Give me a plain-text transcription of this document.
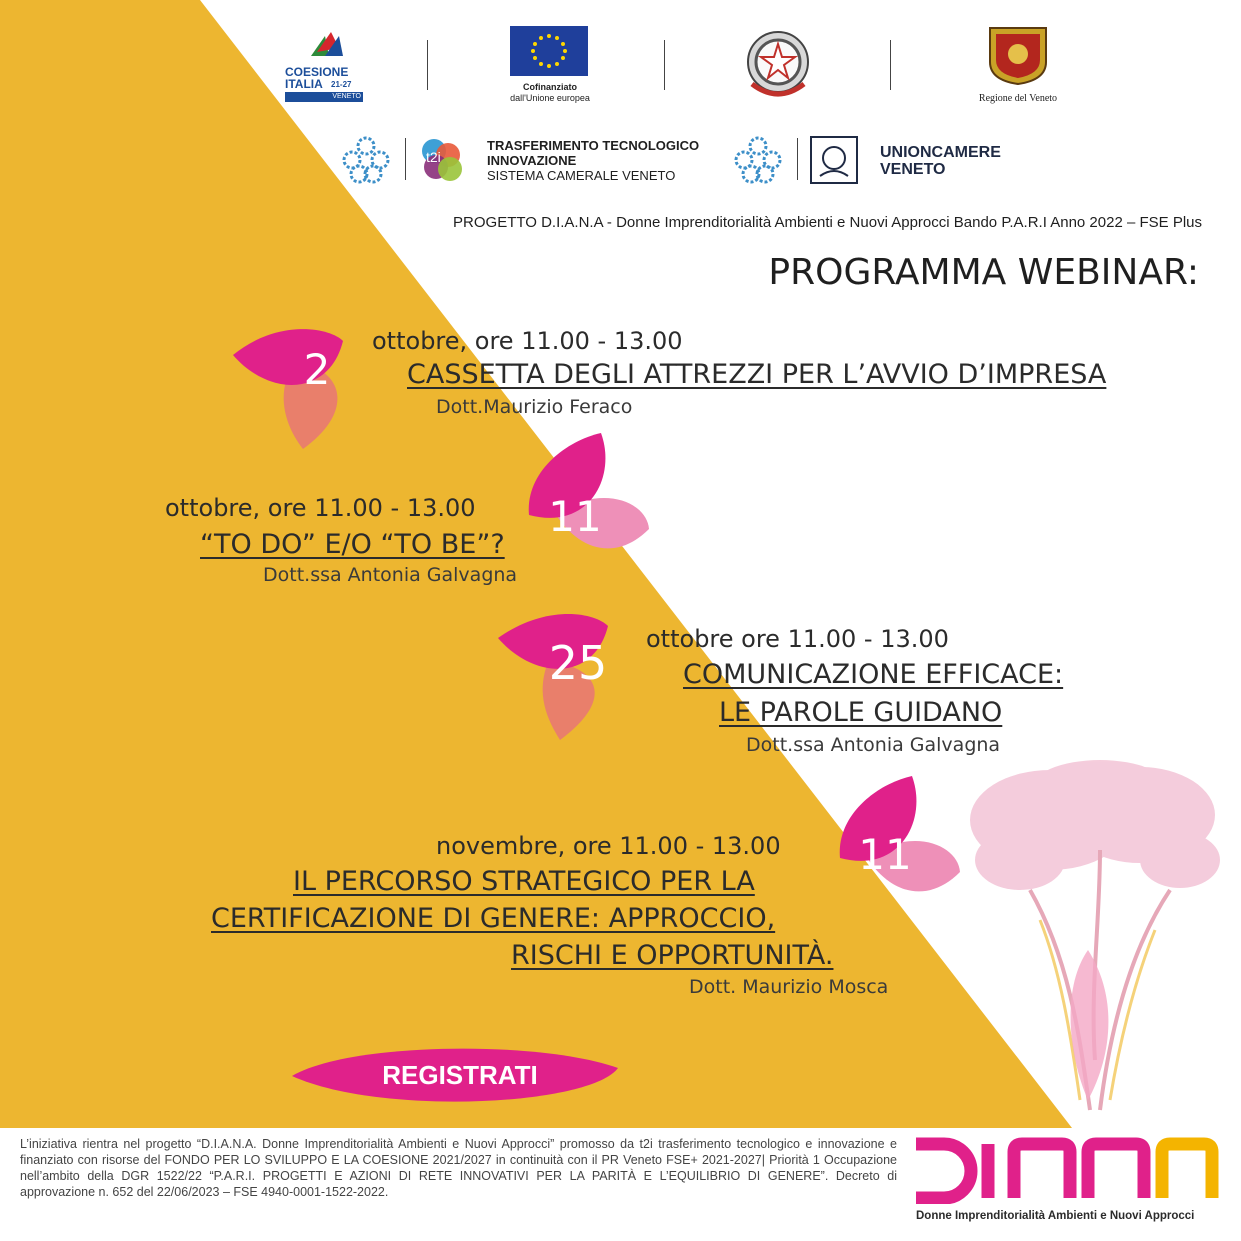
COESIONE
ITALIA 21-27
VENETO
Cofinanziato
dall'Unione europea	Regione del Veneto
t2i
TRASFERIMENTO TECNOLOGICO
INNOVAZIONE
SISTEMA CAMERALE VENETO
UNIONCAMERE
VENETO
PROGETTO D.I.A.N.A - Donne Imprenditorialità Ambienti e Nuovi Approcci Bando P.A.R.I Anno 2022 – FSE Plus
PROGRAMMA WEBINAR:
2
ottobre, ore 11.00 - 13.00
CASSETTA DEGLI ATTREZZI PER L’AVVIO D’IMPRESA
Dott.Maurizio Feraco
11
ottobre, ore 11.00 - 13.00
“TO DO” E/O “TO BE”?
Dott.ssa Antonia Galvagna
25	ottobre ore 11.00 - 13.00
COMUNICAZIONE EFFICACE:
LE PAROLE GUIDANO
Dott.ssa Antonia Galvagna
11
novembre, ore 11.00 - 13.00
IL PERCORSO STRATEGICO PER LA
CERTIFICAZIONE DI GENERE: APPROCCIO,
RISCHI E OPPORTUNITÀ.
Dott. Maurizio Mosca
REGISTRATI
L’iniziativa rientra nel progetto “D.I.A.N.A. Donne Imprenditorialità Ambienti e Nuovi Approcci” promosso da t2i trasferimento tecnologico e innovazione e finanziato con risorse del FONDO PER LO SVILUPPO E LA COESIONE 2021/2027 in continuità con il PR Veneto FSE+ 2021-2027| Priorità 1 Occupazione nell’ambito della DGR 1522/22 “P.A.R.I. PROGETTI E AZIONI DI RETE INNOVATIVI PER LA PARITÀ E L’EQUILIBRIO DI GENERE”. Decreto di approvazione n. 652 del 22/06/2023 – FSE 4940-0001-1522-2022.
Donne Imprenditorialità Ambienti e Nuovi Approcci
